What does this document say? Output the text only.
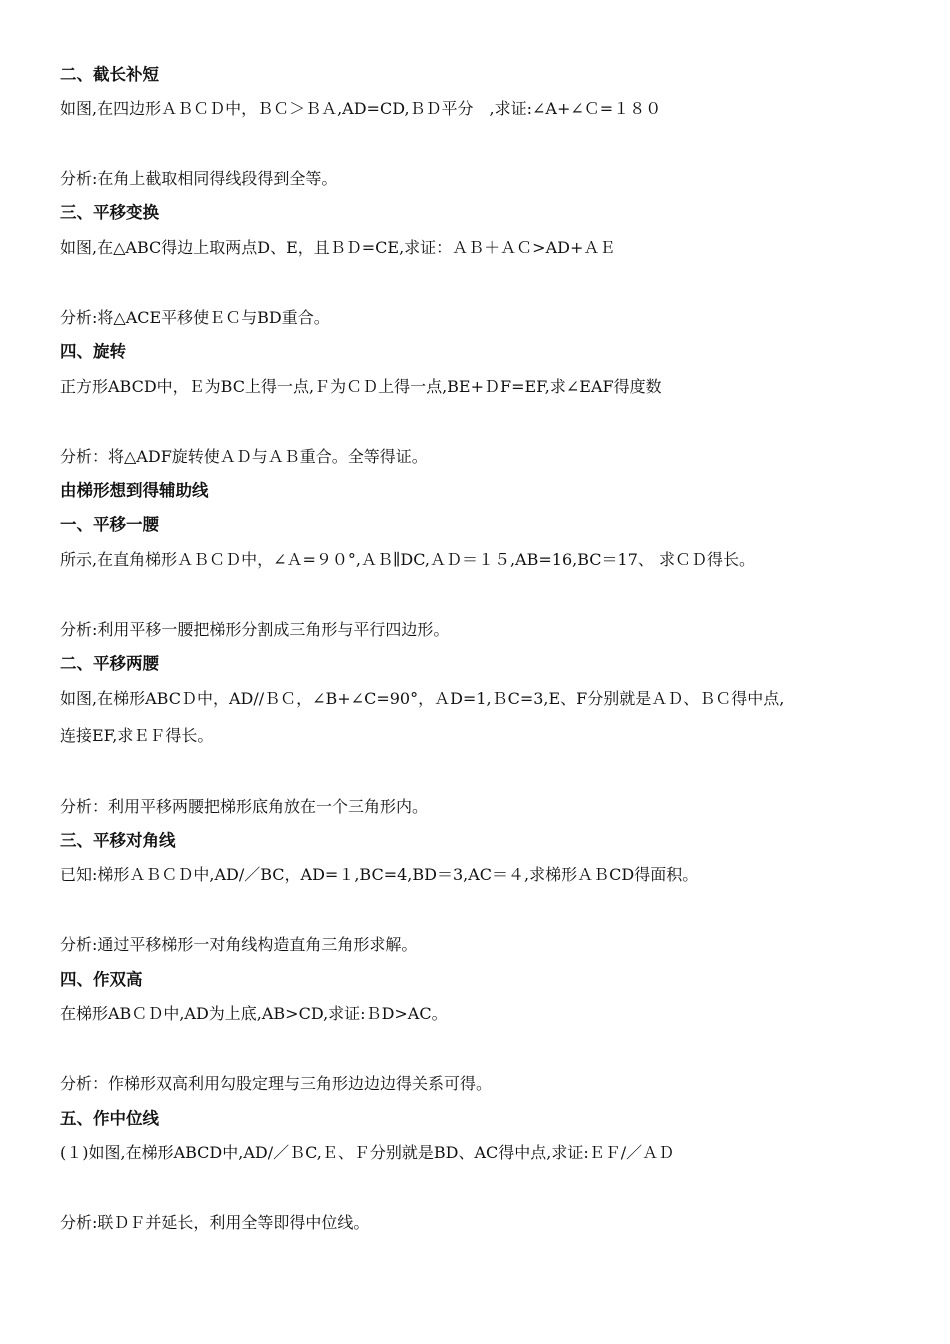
二、截长补短
如图,在四边形ＡＢＣＤ中，ＢＣ＞ＢＡ,AD=CD,ＢＤ平分　,求证:∠A+∠Ｃ=１８０
分析:在角上截取相同得线段得到全等。
三、平移变换
如图,在△ABC得边上取两点D、E，且ＢＤ=CE,求证：ＡＢ＋ＡＣ>AD+ＡＥ
分析:将△ACE平移使ＥＣ与BD重合。
四、旋转
正方形ABCD中，Ｅ为BC上得一点,Ｆ为ＣＤ上得一点,BE+ＤF=EF,求∠EAF得度数
分析：将△ADF旋转使ＡＤ与ＡＢ重合。全等得证。
由梯形想到得辅助线
一、平移一腰
所示,在直角梯形ＡＢＣＤ中，∠Ａ=９０°,ＡＢ∥DC,ＡＤ＝１５,AB=16,BC＝17、 求ＣＤ得长。
分析:利用平移一腰把梯形分割成三角形与平行四边形。
二、平移两腰
如图,在梯形ABCＤ中，AD//ＢＣ，∠B+∠C=90°，ＡD=1,ＢC=3,E、F分别就是ＡＤ、ＢＣ得中点,
连接EF,求ＥＦ得长。
分析：利用平移两腰把梯形底角放在一个三角形内。
三、平移对角线
已知:梯形ＡＢＣＤ中,AD/／BC，AD=１,BC=4,BD＝3,AC＝４,求梯形ＡＢCD得面积。
分析:通过平移梯形一对角线构造直角三角形求解。
四、作双高
在梯形ABＣＤ中,AD为上底,AB>CD,求证:ＢD>AC。
分析：作梯形双高利用勾股定理与三角形边边边得关系可得。
五、作中位线
(１)如图,在梯形ABCD中,AD/／ＢC,Ｅ、Ｆ分别就是BD、AC得中点,求证:ＥＦ/／ＡＤ
分析:联ＤＦ并延长，利用全等即得中位线。
